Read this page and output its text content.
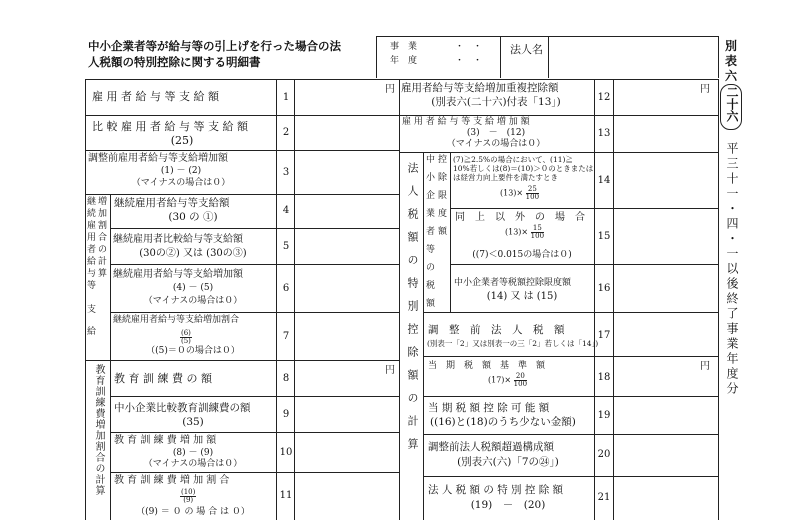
中小企業者等が給与等の引上げを行った場合の法
人税額の特別控除に関する明細書
事　業
年　度
・　・
・　・
法人名	別
表
六
二十六
平三十一・四・一以後終了事業年度分
雇 用 者 給 与 等 支 給 額	1
円
比 較 雇 用 者 給 与 等 支 給 額
(25)
2
調整前雇用者給与等支給増加額
(1) － (2)
（マイナスの場合は０）
3
継 増
続 加
雇 割
用 合
者 の
給 計
与 算
等
支
給
継続雇用者給与等支給額
(30 の ①)
4
継続雇用者比較給与等支給額
(30の②) 又は (30の③)
5
継続雇用者給与等支給増加額
(4) － (5)
（マイナスの場合は０）
6
継続雇用者給与等支給増加割合
$\frac{(6)}{(5)}$
（(5)＝０の場合は０）
7
教育訓練費増加割合の計算 教 育 訓 練 費 の 額	8
円
中小企業比較教育訓練費の額
(35)
9
教 育 訓 練 費 増 加 額
(8) － (9)
（マイナスの場合は０）
10
教 育 訓 練 費 増 加 割 合
$\frac{(10)}{(9)}$
（(9) ＝ ０ の 場 合 は ０）
11
雇用者給与等支給増加重複控除額
(別表六(二十六)付表「13」)	12
円
雇 用 者 給 与 等 支 給 増 加 額
(3)　－　(12)
（マイナスの場合は０）
13
法人税額の特別控除額の計算
中 控
小 除
企 限
業 度
者 額
等
の
税
額
(7)≧2.5%の場合において、(11)≧
10%若しくは(8)＝(10)＞０のときまたは
は経営力向上要件を満たすとき
$(13)\times \frac{25}{100}$
14
同　上　以　外　の　場　合
$(13)\times \frac{15}{100}$
((7)＜0.015の場合は０)
15
中小企業者等税額控除限度額
(14) 又 は (15)
16
調　整　前　法　人　税　額
(別表一「2」又は別表一の三「2」若しくは「14」)
17
当　期　税　額　基　準　額
$(17)\times \frac{20}{100}$	18
円
当 期 税 額 控 除 可 能 額
((16)と(18)のうち少ない金額)
19
調整前法人税額超過構成額
(別表六(六)「7の㉔」)
20
法 人 税 額 の 特 別 控 除 額
(19)　－　(20)
21
